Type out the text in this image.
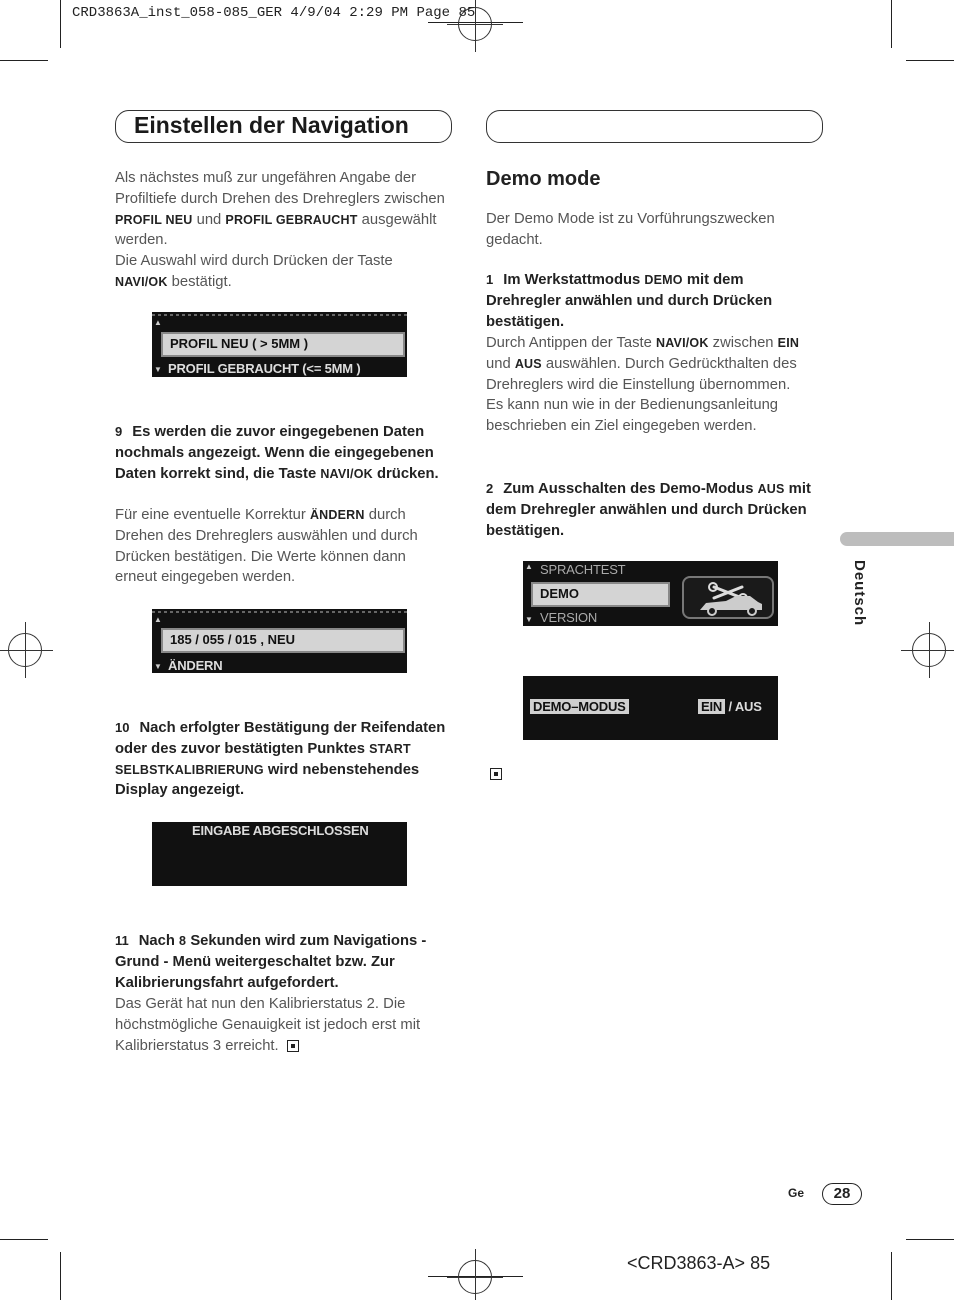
CRD3863A_inst_058-085_GER 4/9/04 2:29 PM Page 85
Einstellen der Navigation
Als nächstes muß zur ungefähren Angabe der Profiltiefe durch Drehen des Drehreglers zwischen PROFIL NEU und PROFIL GEBRAUCHT ausgewählt werden.
Die Auswahl wird durch Drücken der Taste NAVI/OK bestätigt.
▲
PROFIL NEU ( > 5MM )
▼ PROFIL GEBRAUCHT (<= 5MM )
9 Es werden die zuvor eingegebenen Daten nochmals angezeigt. Wenn die eingegebenen Daten korrekt sind, die Taste NAVI/OK drücken.
Für eine eventuelle Korrektur ÄNDERN durch Drehen des Drehreglers auswählen und durch Drücken bestätigen. Die Werte können dann erneut eingegeben werden.
▲
185 / 055 / 015 , NEU
▼ ÄNDERN
10 Nach erfolgter Bestätigung der Reifendaten oder des zuvor bestätigten Punktes START SELBSTKALIBRIERUNG wird nebenstehendes Display angezeigt.
EINGABE ABGESCHLOSSEN
11 Nach 8 Sekunden wird zum Navigations - Grund - Menü weitergeschaltet bzw. Zur Kalibrierungsfahrt aufgefordert.
Das Gerät hat nun den Kalibrierstatus 2. Die höchstmögliche Genauigkeit ist jedoch erst mit Kalibrierstatus 3 erreicht.
Demo mode
Der Demo Mode ist zu Vorführungszwecken gedacht.
1 Im Werkstattmodus DEMO mit dem Drehregler anwählen und durch Drücken bestätigen.
Durch Antippen der Taste NAVI/OK zwischen EIN und AUS auswählen. Durch Gedrückthalten des Drehreglers wird die Einstellung übernommen.
Es kann nun wie in der Bedienungsanleitung beschrieben ein Ziel eingegeben werden.
2 Zum Ausschalten des Demo-Modus AUS mit dem Drehregler anwählen und durch Drücken bestätigen.
▲ SPRACHTEST
DEMO
▼ VERSION
DEMO–MODUS	EIN / AUS
Deutsch
Ge	28
<CRD3863-A> 85
